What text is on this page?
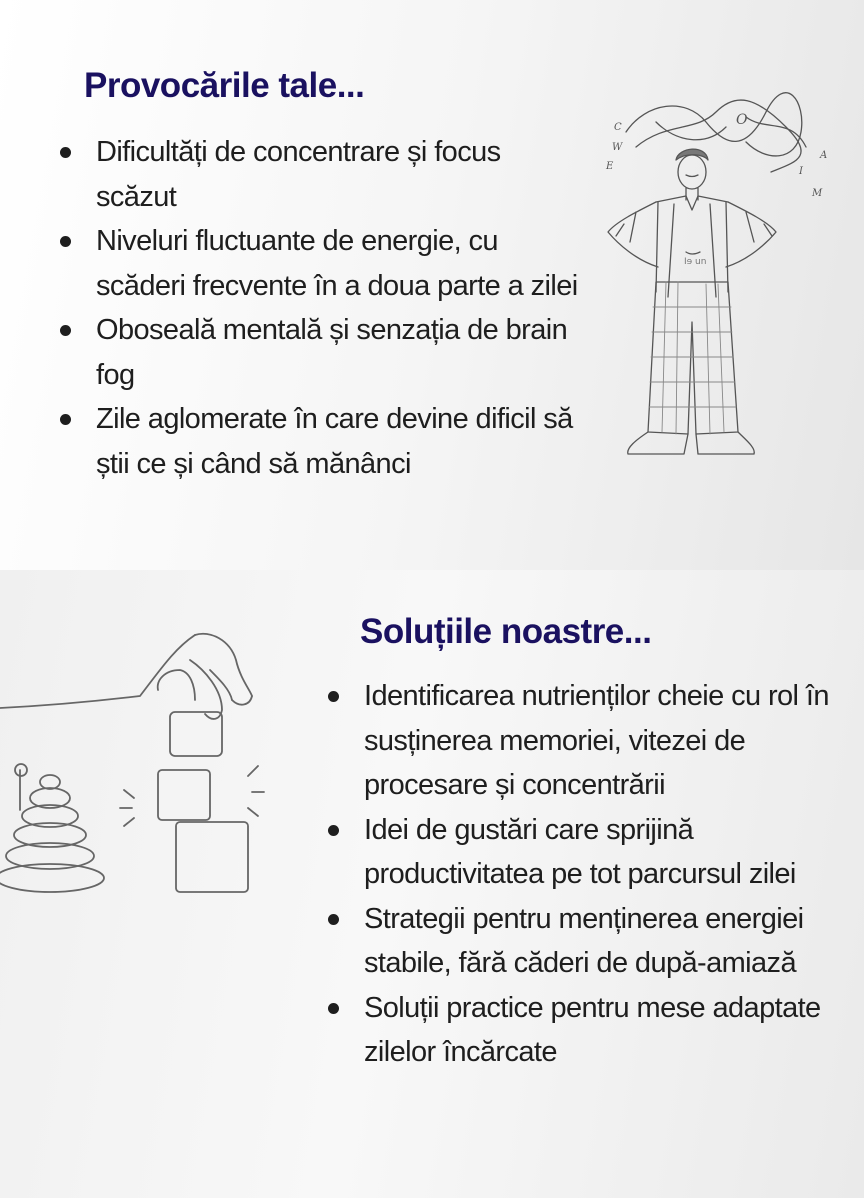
Provocările tale...
Dificultăți de concentrare și focus scăzut
Niveluri fluctuante de energie, cu scăderi frecvente în a doua parte a zilei
Oboseală mentală și senzația de brain fog
Zile aglomerate în care devine dificil să știi ce și când să mănânci
C
W
E
O
A
I
M
Iɘ un
Soluțiile noastre...
Identificarea nutrienților cheie cu rol în susținerea memoriei, vitezei de procesare și concentrării
Idei de gustări care sprijină productivitatea pe tot parcursul zilei
Strategii pentru menținerea energiei stabile, fără căderi de după-amiază
Soluții practice pentru mese adaptate zilelor încărcate
